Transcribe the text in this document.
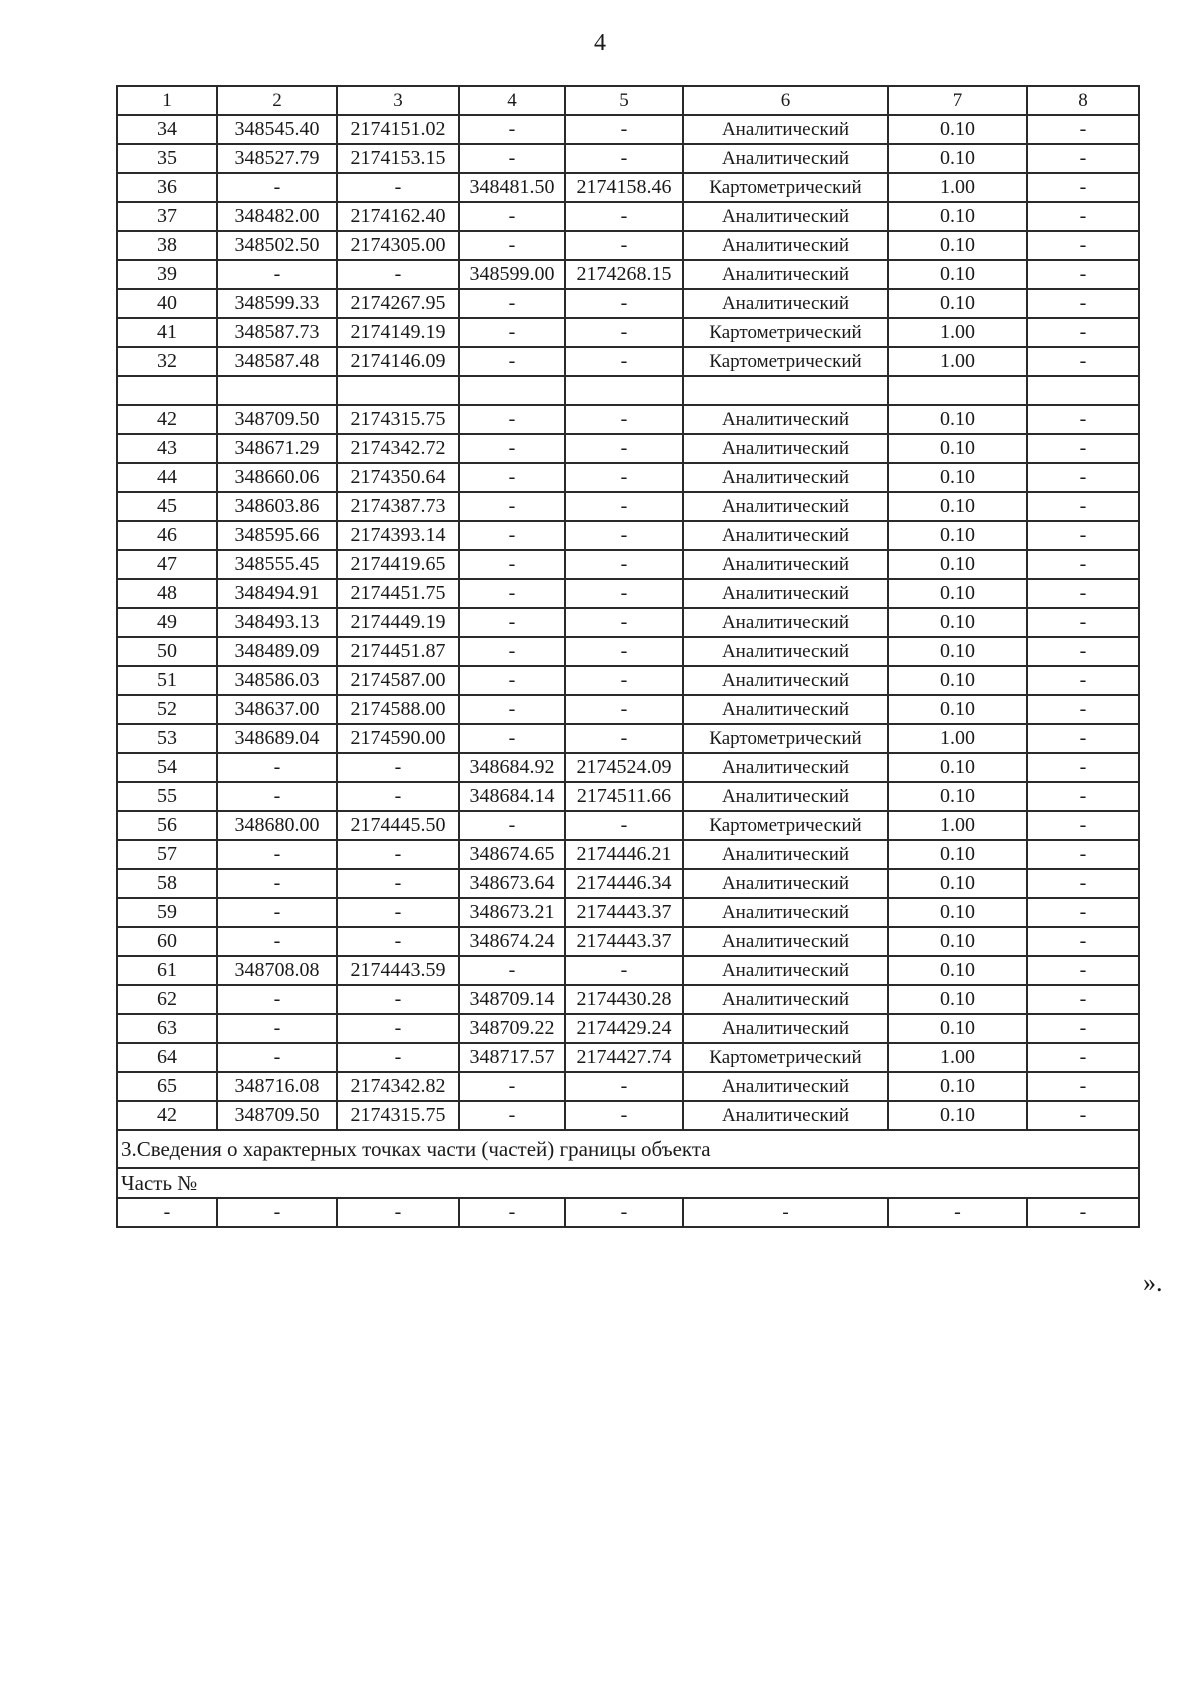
4
1	2	3	4	5	6	7	8
34	348545.40	2174151.02	-	-	Аналитический	0.10	-
35	348527.79	2174153.15	-	-	Аналитический	0.10	-
36	-	-	348481.50	2174158.46	Картометрический	1.00	-
37	348482.00	2174162.40	-	-	Аналитический	0.10	-
38	348502.50	2174305.00	-	-	Аналитический	0.10	-
39	-	-	348599.00	2174268.15	Аналитический	0.10	-
40	348599.33	2174267.95	-	-	Аналитический	0.10	-
41	348587.73	2174149.19	-	-	Картометрический	1.00	-
32	348587.48	2174146.09	-	-	Картометрический	1.00	-

42	348709.50	2174315.75	-	-	Аналитический	0.10	-
43	348671.29	2174342.72	-	-	Аналитический	0.10	-
44	348660.06	2174350.64	-	-	Аналитический	0.10	-
45	348603.86	2174387.73	-	-	Аналитический	0.10	-
46	348595.66	2174393.14	-	-	Аналитический	0.10	-
47	348555.45	2174419.65	-	-	Аналитический	0.10	-
48	348494.91	2174451.75	-	-	Аналитический	0.10	-
49	348493.13	2174449.19	-	-	Аналитический	0.10	-
50	348489.09	2174451.87	-	-	Аналитический	0.10	-
51	348586.03	2174587.00	-	-	Аналитический	0.10	-
52	348637.00	2174588.00	-	-	Аналитический	0.10	-
53	348689.04	2174590.00	-	-	Картометрический	1.00	-
54	-	-	348684.92	2174524.09	Аналитический	0.10	-
55	-	-	348684.14	2174511.66	Аналитический	0.10	-
56	348680.00	2174445.50	-	-	Картометрический	1.00	-
57	-	-	348674.65	2174446.21	Аналитический	0.10	-
58	-	-	348673.64	2174446.34	Аналитический	0.10	-
59	-	-	348673.21	2174443.37	Аналитический	0.10	-
60	-	-	348674.24	2174443.37	Аналитический	0.10	-
61	348708.08	2174443.59	-	-	Аналитический	0.10	-
62	-	-	348709.14	2174430.28	Аналитический	0.10	-
63	-	-	348709.22	2174429.24	Аналитический	0.10	-
64	-	-	348717.57	2174427.74	Картометрический	1.00	-
65	348716.08	2174342.82	-	-	Аналитический	0.10	-
42	348709.50	2174315.75	-	-	Аналитический	0.10	-
3.Сведения о характерных точках части (частей) границы объекта							
Часть №							
-	-	-	-	-	-	-	-
».
